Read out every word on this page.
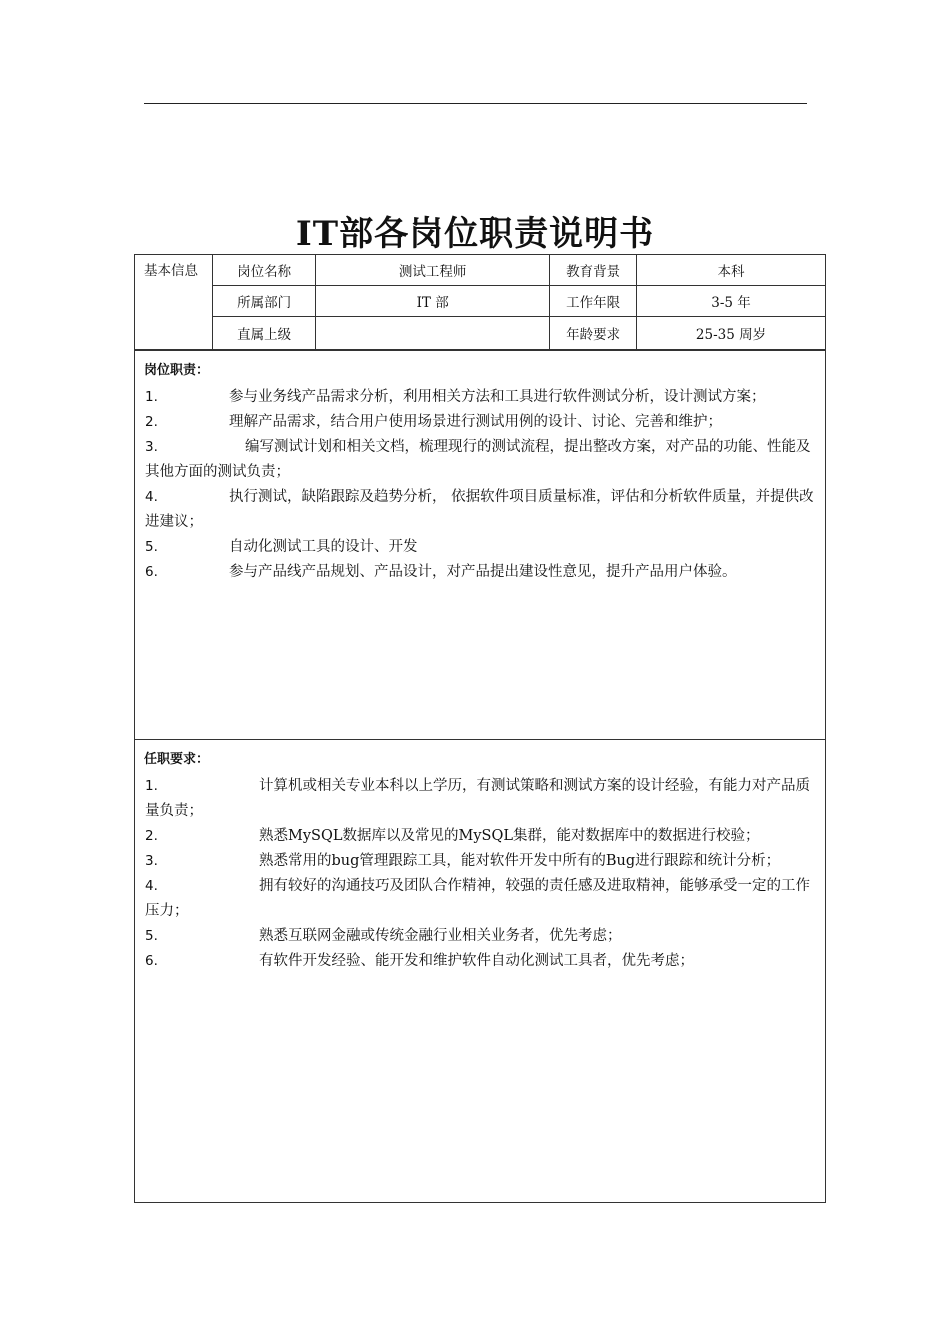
IT部各岗位职责说明书
基本信息	岗位名称	测试工程师	教育背景	本科
	所属部门	IT 部	工作年限	3-5 年
	直属上级		年龄要求	25-35 周岁
岗位职责：
1.	参与业务线产品需求分析，利用相关方法和工具进行软件测试分析，设计测试方案；
2.	理解产品需求，结合用户使用场景进行测试用例的设计、讨论、完善和维护；
3.	编写测试计划和相关文档，梳理现行的测试流程，提出整改方案，对产品的功能、性能及其他方面的测试负责；
4.	执行测试，缺陷跟踪及趋势分析， 依据软件项目质量标准，评估和分析软件质量，并提供改进建议；
5.	自动化测试工具的设计、开发
6.	参与产品线产品规划、产品设计，对产品提出建设性意见，提升产品用户体验。
任职要求：
1.	计算机或相关专业本科以上学历，有测试策略和测试方案的设计经验，有能力对产品质量负责；
2.	熟悉MySQL数据库以及常见的MySQL集群，能对数据库中的数据进行校验；
3.	熟悉常用的bug管理跟踪工具，能对软件开发中所有的Bug进行跟踪和统计分析；
4.	拥有较好的沟通技巧及团队合作精神，较强的责任感及进取精神，能够承受一定的工作压力；
5.	熟悉互联网金融或传统金融行业相关业务者，优先考虑；
6.	有软件开发经验、能开发和维护软件自动化测试工具者，优先考虑；
